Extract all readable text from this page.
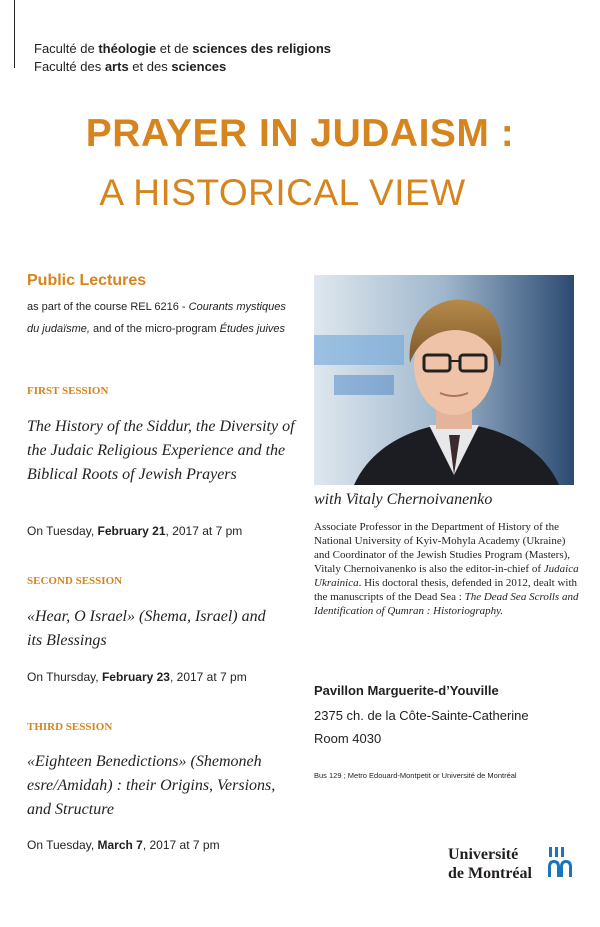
Faculté de théologie et de sciences des religions
Faculté des arts et des sciences
PRAYER IN JUDAISM :
A HISTORICAL VIEW

Public Lectures

as part of the course REL 6216 - Courants mystiques du judaïsme, and of the micro-program Études juives

FIRST SESSION

The History of the Siddur, the Diversity of the Judaic Religious Experience and the Biblical Roots of Jewish Prayers

On Tuesday, February 21, 2017 at 7 pm

SECOND SESSION

«Hear, O Israel» (Shema, Israel) and its Blessings

On Thursday, February 23, 2017 at 7 pm

THIRD SESSION

«Eighteen Benedictions» (Shemoneh esre/Amidah) : their Origins, Versions, and Structure

On Tuesday, March 7, 2017 at 7 pm
with Vitaly Chernoivanenko
Associate Professor in the Department of History of the National University of Kyiv-Mohyla Academy (Ukraine) and Coordinator of the Jewish Studies Program (Masters), Vitaly Chernoivanenko is also the editor-in-chief of Judaica Ukrainica. His doctoral thesis, defended in 2012, dealt with the manuscripts of the Dead Sea : The Dead Sea Scrolls and Identification of Qumran : Historiography.
Pavillon Marguerite-d’Youville
2375 ch. de la Côte-Sainte-Catherine
Room 4030
Bus 129 ; Metro Edouard-Montpetit or Université de Montréal
Université
de Montréal
